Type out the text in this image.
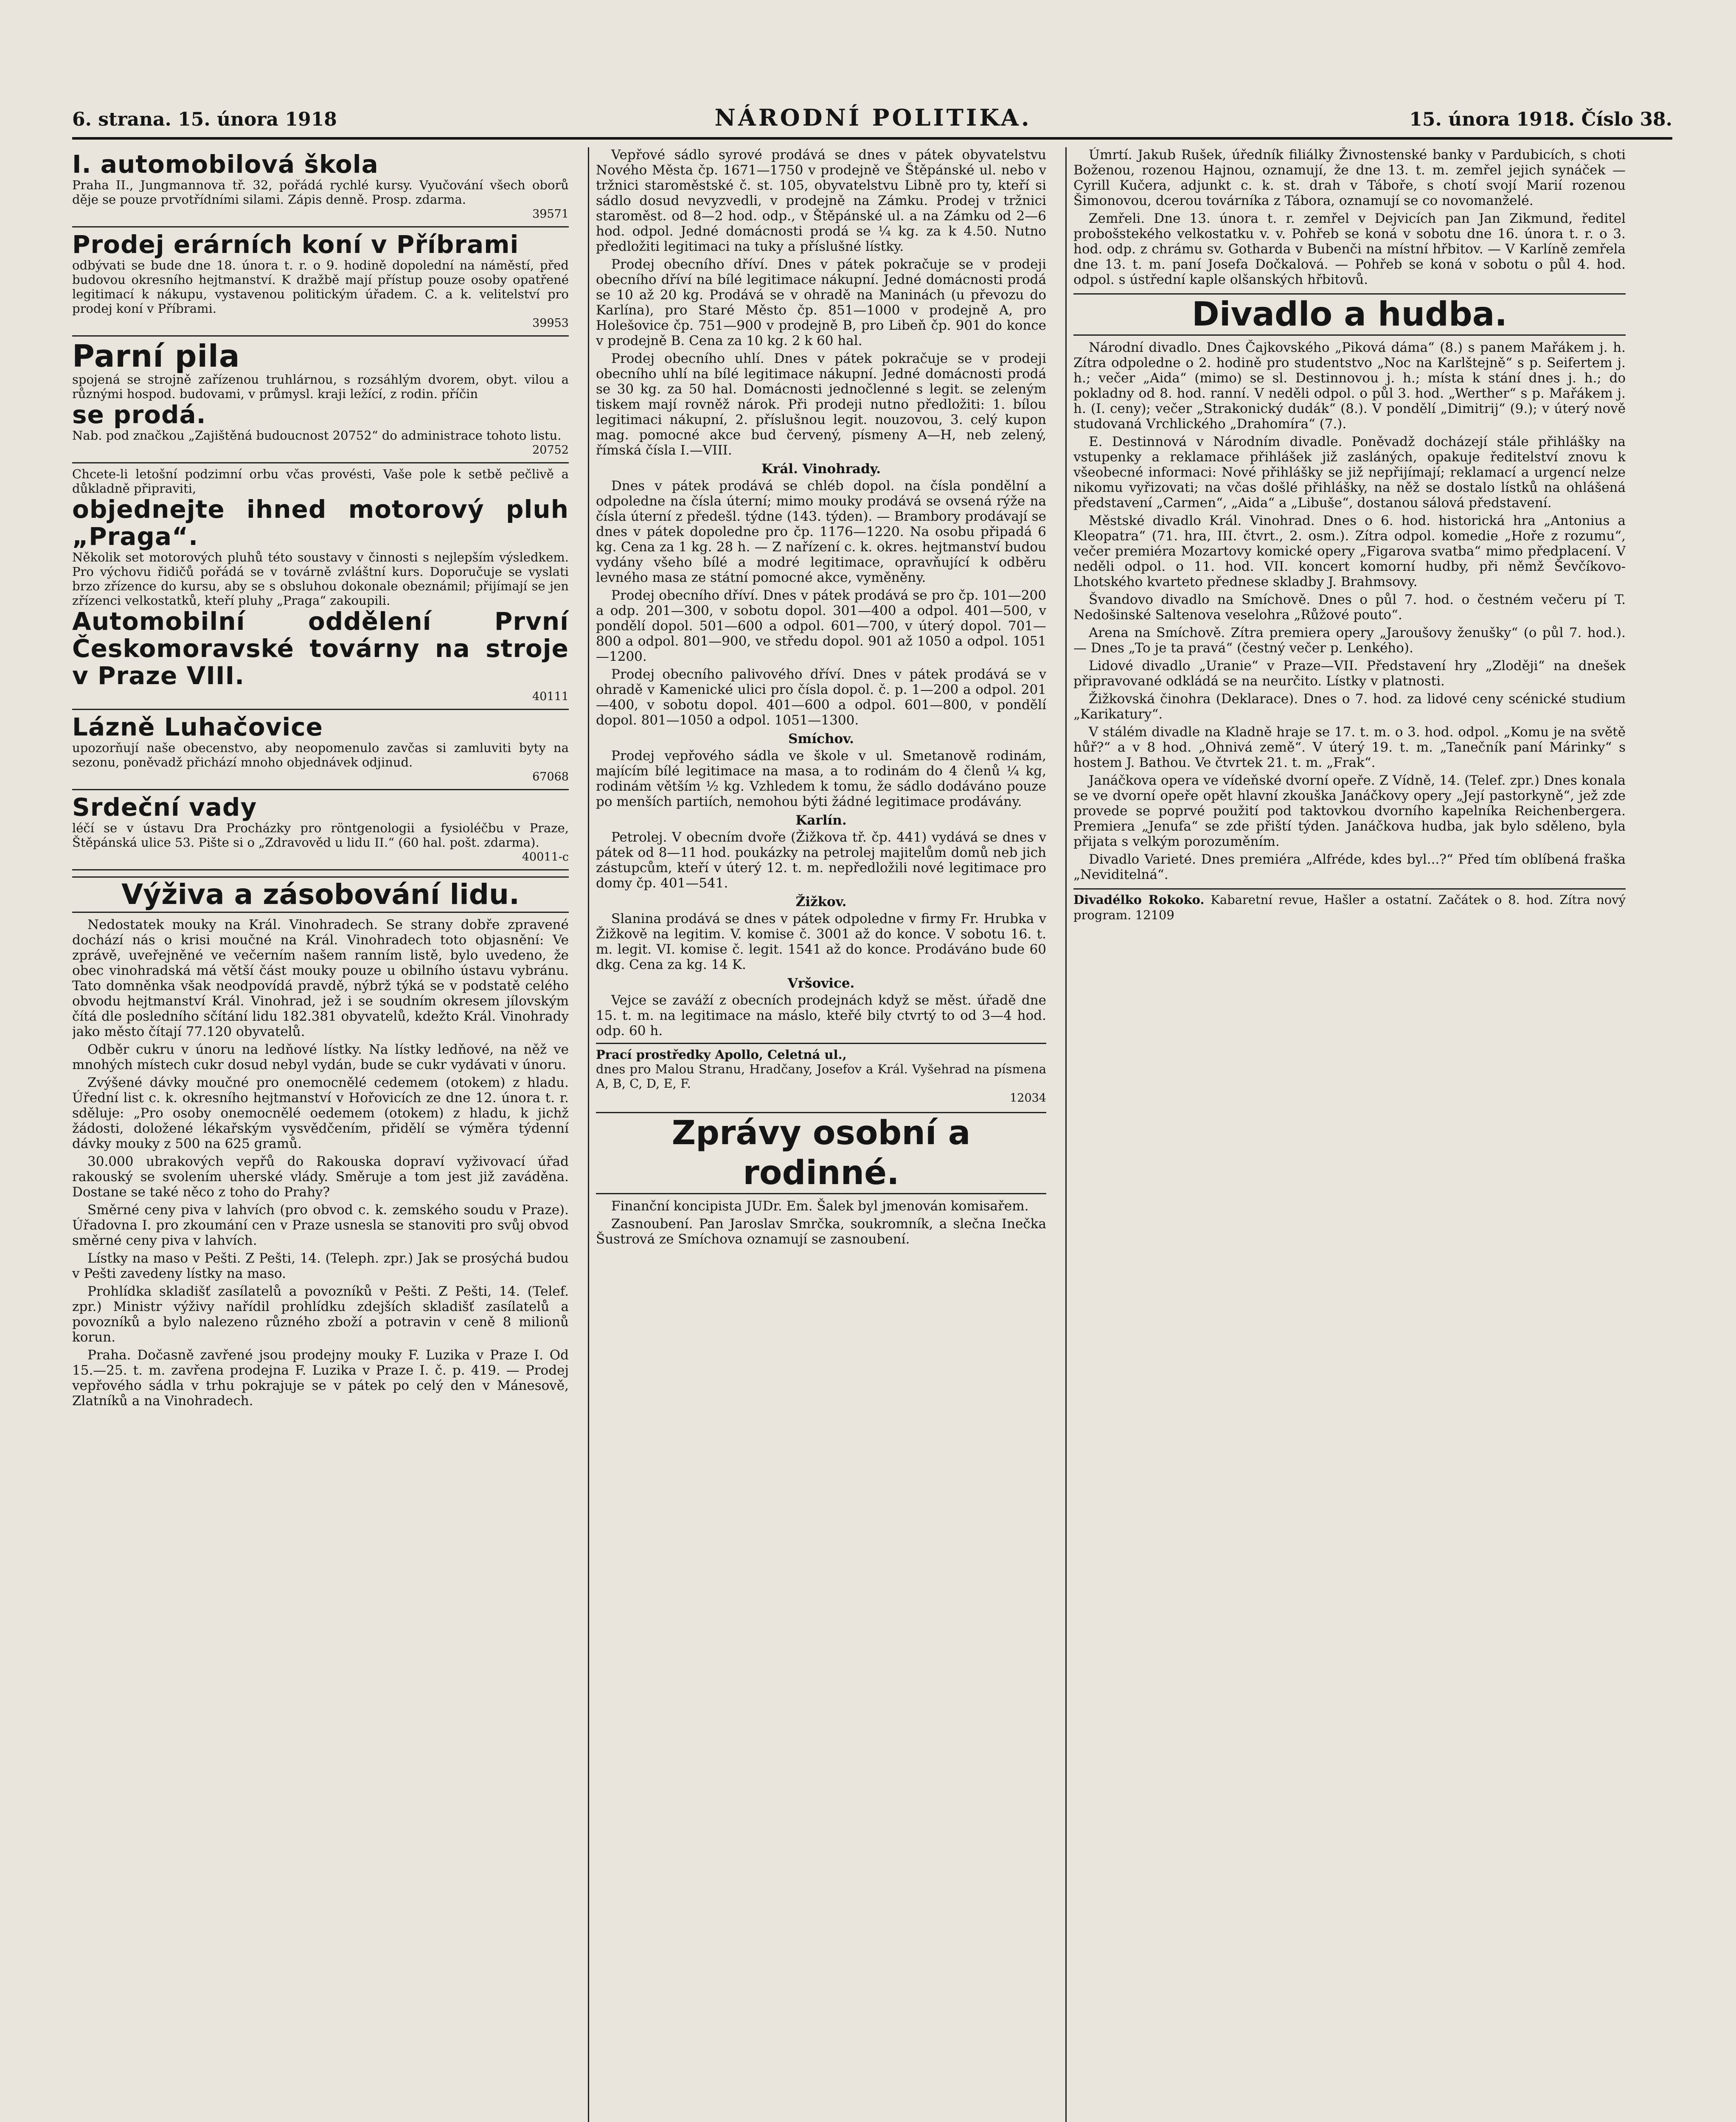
6. strana. 15. února 1918	NÁRODNÍ POLITIKA.	15. února 1918. Číslo 38.
I. automobilová škola
Praha II., Jungmannova tř. 32, pořádá rychlé kursy. Vyučování všech oborů děje se pouze prvotřídními silami. Zápis denně. Prosp. zdarma.
39571
Prodej erárních koní v Příbrami
odbývati se bude dne 18. února t. r. o 9. hodině dopolední na náměstí, před budovou okresního hejtmanství. K dražbě mají přístup pouze osoby opatřené legitimací k nákupu, vystavenou politickým úřadem. C. a k. velitelství pro prodej koní v Příbrami.
39953
Parní pila
spojená se strojně zařízenou truhlárnou, s rozsáhlým dvorem, obyt. vilou a různými hospod. budovami, v průmysl. kraji ležící, z rodin. příčin
se prodá.
Nab. pod značkou „Zajištěná budoucnost 20752“ do administrace tohoto listu.
20752
Chcete-li letošní podzimní orbu včas provésti, Vaše pole k setbě pečlivě a důkladně připraviti,
objednejte ihned motorový pluh „Praga“.
Několik set motorových pluhů této soustavy v činnosti s nejlepším výsledkem. Pro výchovu řidičů pořádá se v továrně zvláštní kurs. Doporučuje se vyslati brzo zřízence do kursu, aby se s obsluhou dokonale obeznámil; přijímají se jen zřízenci velkostatků, kteří pluhy „Praga“ zakoupili.
Automobilní oddělení První Českomoravské továrny na stroje v Praze VIII.
40111
Lázně Luhačovice
upozorňují naše obecenstvo, aby neopomenulo zavčas si zamluviti byty na sezonu, poněvadž přichází mnoho objednávek odjinud.
67068
Srdeční vady
léčí se v ústavu Dra Procházky pro röntgenologii a fysioléčbu v Praze, Štěpánská ulice 53. Pište si o „Zdravověd u lidu II.“ (60 hal. pošt. zdarma).
40011-c
Výživa a zásobování lidu.

Nedostatek mouky na Král. Vinohradech. Se strany dobře zpravené dochází nás o krisi moučné na Král. Vinohradech toto objasnění: Ve zprávě, uveřejněné ve večerním našem ranním listě, bylo uvedeno, že obec vinohradská má větší část mouky pouze u obilního ústavu vybránu. Tato domněnka však neodpovídá pravdě, nýbrž týká se v podstatě celého obvodu hejtmanství Král. Vinohrad, jež i se soudním okresem jílovským čítá dle posledního sčítání lidu 182.381 obyvatelů, kdežto Král. Vinohrady jako město čítají 77.120 obyvatelů.

Odběr cukru v únoru na ledňové lístky. Na lístky ledňové, na něž ve mnohých místech cukr dosud nebyl vydán, bude se cukr vydávati v únoru.

Zvýšené dávky moučné pro onemocnělé cedemem (otokem) z hladu. Úřední list c. k. okresního hejtmanství v Hořovicích ze dne 12. února t. r. sděluje: „Pro osoby onemocnělé oedemem (otokem) z hladu, k jichž žádosti, doložené lékařským vysvědčením, přidělí se výměra týdenní dávky mouky z 500 na 625 gramů.

30.000 ubrakových vepřů do Rakouska dopraví vyživovací úřad rakouský se svolením uherské vlády. Směruje a tom jest již zaváděna. Dostane se také něco z toho do Prahy?

Směrné ceny piva v lahvích (pro obvod c. k. zemského soudu v Praze). Úřadovna I. pro zkoumání cen v Praze usnesla se stanoviti pro svůj obvod směrné ceny piva v lahvích.

Lístky na maso v Pešti. Z Pešti, 14. (Teleph. zpr.) Jak se prosýchá budou v Pešti zavedeny lístky na maso.

Prohlídka skladišť zasílatelů a povozníků v Pešti. Z Pešti, 14. (Telef. zpr.) Ministr výživy nařídil prohlídku zdejších skladišť zasílatelů a povozníků a bylo nalezeno různého zboží a potravin v ceně 8 milionů korun.

Praha. Dočasně zavřené jsou prodejny mouky F. Luzika v Praze I. Od 15.—25. t. m. zavřena prodejna F. Luzika v Praze I. č. p. 419. — Prodej vepřového sádla v trhu pokrajuje se v pátek po celý den v Mánesově, Zlatníků a na Vinohradech.

Vepřové sádlo syrové prodává se dnes v pátek obyvatelstvu Nového Města čp. 1671—1750 v prodejně ve Štěpánské ul. nebo v tržnici staroměstské č. st. 105, obyvatelstvu Libně pro ty, kteří si sádlo dosud nevyzvedli, v prodejně na Zámku. Prodej v tržnici staroměst. od 8—2 hod. odp., v Štěpánské ul. a na Zámku od 2—6 hod. odpol. Jedné domácnosti prodá se ¼ kg. za k 4.50. Nutno předložiti legitimaci na tuky a příslušné lístky.

Prodej obecního dříví. Dnes v pátek pokračuje se v prodeji obecního dříví na bílé legitimace nákupní. Jedné domácnosti prodá se 10 až 20 kg. Prodává se v ohradě na Maninách (u převozu do Karlína), pro Staré Město čp. 851—1000 v prodejně A, pro Holešovice čp. 751—900 v prodejně B, pro Libeň čp. 901 do konce v prodejně B. Cena za 10 kg. 2 k 60 hal.

Prodej obecního uhlí. Dnes v pátek pokračuje se v prodeji obecního uhlí na bílé legitimace nákupní. Jedné domácnosti prodá se 30 kg. za 50 hal. Domácnosti jednočlenné s legit. se zeleným tiskem mají rovněž nárok. Při prodeji nutno předložiti: 1. bílou legitimaci nákupní, 2. příslušnou legit. nouzovou, 3. celý kupon mag. pomocné akce bud červený, písmeny A—H, neb zelený, římská čísla I.—VIII.

Král. Vinohrady.

Dnes v pátek prodává se chléb dopol. na čísla pondělní a odpoledne na čísla úterní; mimo mouky prodává se ovsená rýže na čísla úterní z předešl. týdne (143. týden). — Brambory prodávají se dnes v pátek dopoledne pro čp. 1176—1220. Na osobu připadá 6 kg. Cena za 1 kg. 28 h. — Z nařízení c. k. okres. hejtmanství budou vydány všeho bílé a modré legitimace, opravňující k odběru levného masa ze státní pomocné akce, vyměněny.

Prodej obecního dříví. Dnes v pátek prodává se pro čp. 101—200 a odp. 201—300, v sobotu dopol. 301—400 a odpol. 401—500, v pondělí dopol. 501—600 a odpol. 601—700, v úterý dopol. 701—800 a odpol. 801—900, ve středu dopol. 901 až 1050 a odpol. 1051—1200.

Prodej obecního palivového dříví. Dnes v pátek prodává se v ohradě v Kamenické ulici pro čísla dopol. č. p. 1—200 a odpol. 201—400, v sobotu dopol. 401—600 a odpol. 601—800, v pondělí dopol. 801—1050 a odpol. 1051—1300.

Smíchov.

Prodej vepřového sádla ve škole v ul. Smetanově rodinám, majícím bílé legitimace na masa, a to rodinám do 4 členů ¼ kg, rodinám větším ½ kg. Vzhledem k tomu, že sádlo dodáváno pouze po menších partiích, nemohou býti žádné legitimace prodávány.

Karlín.

Petrolej. V obecním dvoře (Žižkova tř. čp. 441) vydává se dnes v pátek od 8—11 hod. poukázky na petrolej majitelům domů neb jich zástupcům, kteří v úterý 12. t. m. nepředložili nové legitimace pro domy čp. 401—541.

Žižkov.

Slanina prodává se dnes v pátek odpoledne v firmy Fr. Hrubka v Žižkově na legitim. V. komise č. 3001 až do konce. V sobotu 16. t. m. legit. VI. komise č. legit. 1541 až do konce. Prodáváno bude 60 dkg. Cena za kg. 14 K.

Vršovice.

Vejce se zaváží z obecních prodejnách když se měst. úřadě dne 15. t. m. na legitimace na máslo, kteřé bily ctvrtý to od 3—4 hod. odp. 60 h.

Prací prostředky Apollo, Celetná ul.,
dnes pro Malou Stranu, Hradčany, Josefov a Král. Vyšehrad na písmena A, B, C, D, E, F.
12034
Zprávy osobní a rodinné.

Finanční koncipista JUDr. Em. Šalek byl jmenován komisařem.

Zasnoubení. Pan Jaroslav Smrčka, soukromník, a slečna Inečka Šustrová ze Smíchova oznamují se zasnoubení.

Úmrtí. Jakub Rušek, úředník filiálky Živnostenské banky v Pardubicích, s choti Boženou, rozenou Hajnou, oznamují, že dne 13. t. m. zemřel jejich synáček — Cyrill Kučera, adjunkt c. k. st. drah v Táboře, s chotí svojí Marií rozenou Šimonovou, dcerou továrníka z Tábora, oznamují se co novomanželé.

Zemřeli. Dne 13. února t. r. zemřel v Dejvicích pan Jan Zikmund, ředitel probošstekého velkostatku v. v. Pohřeb se koná v sobotu dne 16. února t. r. o 3. hod. odp. z chrámu sv. Gotharda v Bubenči na místní hřbitov. — V Karlíně zemřela dne 13. t. m. paní Josefa Dočkalová. — Pohřeb se koná v sobotu o půl 4. hod. odpol. s ústřední kaple olšanských hřbitovů.

Divadlo a hudba.

Národní divadlo. Dnes Čajkovského „Piková dáma“ (8.) s panem Mařákem j. h. Zítra odpoledne o 2. hodině pro studentstvo „Noc na Karlštejně“ s p. Seifertem j. h.; večer „Aida“ (mimo) se sl. Destinnovou j. h.; místa k stání dnes j. h.; do pokladny od 8. hod. ranní. V neděli odpol. o půl 3. hod. „Werther“ s p. Mařákem j. h. (I. ceny); večer „Strakonický dudák“ (8.). V pondělí „Dimitrij“ (9.); v úterý nově studovaná Vrchlického „Drahomíra“ (7.).

E. Destinnová v Národním divadle. Poněvadž docházejí stále přihlášky na vstupenky a reklamace přihlášek již zasláných, opakuje ředitelství znovu k všeobecné informaci: Nové přihlášky se již nepřijímají; reklamací a urgencí nelze nikomu vyřizovati; na včas došlé přihlášky, na něž se dostalo lístků na ohlášená představení „Carmen“, „Aida“ a „Libuše“, dostanou sálová představení.

Městské divadlo Král. Vinohrad. Dnes o 6. hod. historická hra „Antonius a Kleopatra“ (71. hra, III. čtvrt., 2. osm.). Zítra odpol. komedie „Hoře z rozumu“, večer premiéra Mozartovy komické opery „Figarova svatba“ mimo předplacení. V neděli odpol. o 11. hod. VII. koncert komorní hudby, při němž Ševčíkovo-Lhotského kvarteto přednese skladby J. Brahmsovy.

Švandovo divadlo na Smíchově. Dnes o půl 7. hod. o čestném večeru pí T. Nedošinské Saltenova veselohra „Růžové pouto“.

Arena na Smíchově. Zítra premiera opery „Jaroušovy ženušky“ (o půl 7. hod.). — Dnes „To je ta pravá“ (čestný večer p. Lenkého).

Lidové divadlo „Uranie“ v Praze—VII. Představení hry „Zloději“ na dnešek připravované odkládá se na neurčito. Lístky v platnosti.

Žižkovská činohra (Deklarace). Dnes o 7. hod. za lidové ceny scénické studium „Karikatury“.

V stálém divadle na Kladně hraje se 17. t. m. o 3. hod. odpol. „Komu je na světě hůř?“ a v 8 hod. „Ohnivá země“. V úterý 19. t. m. „Tanečník paní Márinky“ s hostem J. Bathou. Ve čtvrtek 21. t. m. „Frak“.

Janáčkova opera ve vídeňské dvorní opeře. Z Vídně, 14. (Telef. zpr.) Dnes konala se ve dvorní opeře opět hlavní zkouška Janáčkovy opery „Její pastorkyně“, jež zde provede se poprvé použití pod taktovkou dvorního kapelníka Reichenbergera. Premiera „Jenufa“ se zde přiští týden. Janáčkova hudba, jak bylo sděleno, byla přijata s velkým porozuměním.

Divadlo Varieté. Dnes premiéra „Alfréde, kdes byl...?“ Před tím oblíbená fraška „Neviditelná“.

Divadélko Rokoko. Kabaretní revue, Hašler a ostatní. Začátek o 8. hod. Zítra nový program. 12109
